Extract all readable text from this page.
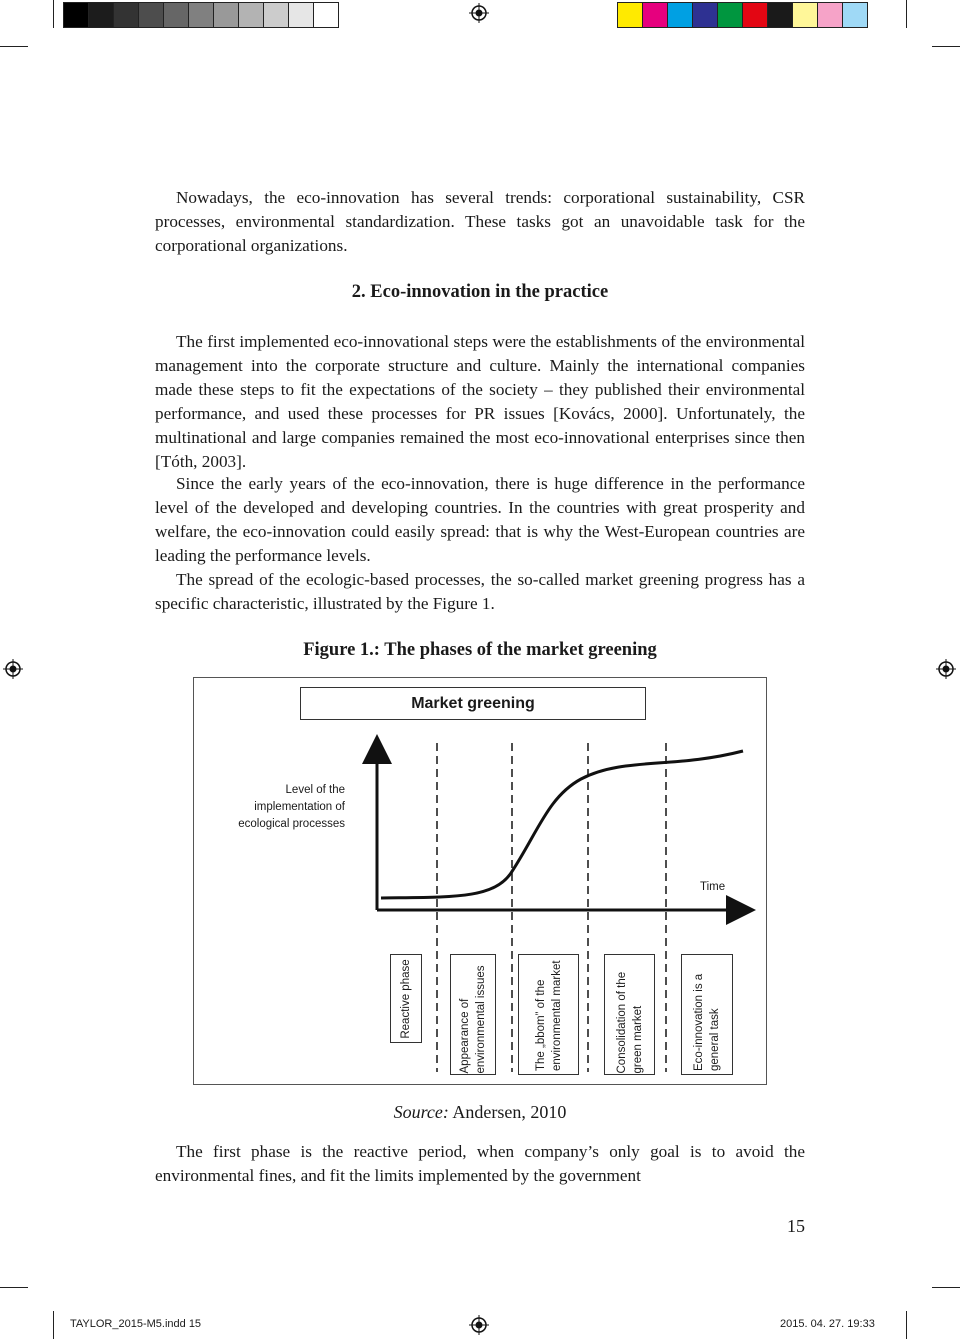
Nowadays, the eco-innovation has several trends: corporational sustainability, CSR processes, environmental standardization. These tasks got an unavoidable task for the corporational organizations.

2. Eco-innovation in the practice

The first implemented eco-innovational steps were the establishments of the environmental management into the corporate structure and culture. Mainly the international companies made these steps to fit the expectations of the society – they published their environmental performance, and used these processes for PR issues [Kovács, 2000]. Unfortunately, the multinational and large companies remained the most eco-innovational enterprises since then [Tóth, 2003].

Since the early years of the eco-innovation, there is huge difference in the performance level of the developed and developing countries. In the countries with great prosperity and welfare, the eco-innovation could easily spread: that is why the West-European countries are leading the performance levels.

The spread of the ecologic-based processes, the so-called market greening progress has a specific characteristic, illustrated by the Figure 1.

Figure 1.: The phases of the market greening

Market greening
Level of the implementation of ecological processes
Time
Reactive phase	Appearance of environmental issues	The „bbom” of the environmental market	Consolidation of the green market	Eco-innovation is a general task

Source: Andersen, 2010

The first phase is the reactive period, when company’s only goal is to avoid the environmental fines, and fit the limits implemented by the government

15
TAYLOR_2015-M5.indd 15	2015. 04. 27. 19:33
